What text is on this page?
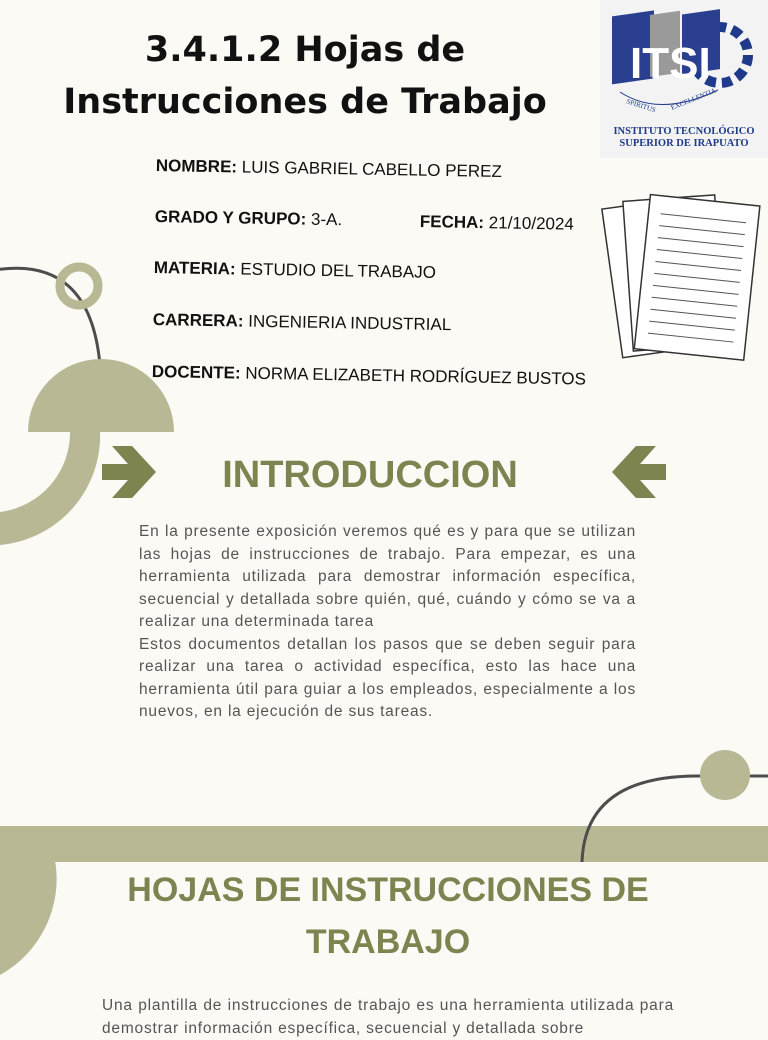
3.4.1.2 Hojas de
Instrucciones de Trabajo
ITSI
SPIRITUS EXCELLENTIA
INSTITUTO TECNOLÓGICO
SUPERIOR DE IRAPUATO
NOMBRE: LUIS GABRIEL CABELLO PEREZ
GRADO Y GRUPO: 3-A.	FECHA: 21/10/2024
MATERIA: ESTUDIO DEL TRABAJO
CARRERA: INGENIERIA INDUSTRIAL
DOCENTE: NORMA ELIZABETH RODRÍGUEZ BUSTOS
INTRODUCCION

En la presente exposición veremos qué es y para que se utilizan las hojas de instrucciones de trabajo. Para empezar, es una herramienta utilizada para demostrar información específica, secuencial y detallada sobre quién, qué, cuándo y cómo se va a realizar una determinada tarea

Estos documentos detallan los pasos que se deben seguir para realizar una tarea o actividad específica, esto las hace una herramienta útil para guiar a los empleados, especialmente a los nuevos, en la ejecución de sus tareas.

HOJAS DE INSTRUCCIONES DE
TRABAJO
Una plantilla de instrucciones de trabajo es una herramienta utilizada para demostrar información específica, secuencial y detallada sobre
